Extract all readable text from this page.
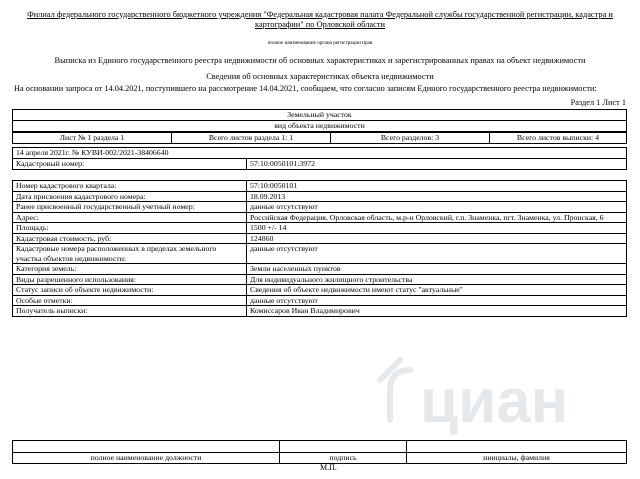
Филиал федерального государственного бюджетного учреждения "Федеральная кадастровая палата Федеральной службы государственной регистрации, кадастра и
картографии" по Орловской области
полное наименование органа регистрации прав
Выписка из Единого государственного реестра недвижимости об основных характеристиках и зарегистрированных правах на объект недвижимости
Сведения об основных характеристиках объекта недвижимости
На основании запроса от 14.04.2021, поступившего на рассмотрение 14.04.2021, сообщаем, что согласно записям Единого государственного реестра недвижимости:
Раздел 1 Лист 1
Земельный участок
вид объекта недвижимости
Лист № 1 раздела 1	Всего листов раздела 1: 1	Всего разделов: 3	Всего листов выписки: 4
14 апреля 2021г. № КУВИ-002/2021-38406640
Кадастровый номер:	57:10:0050101:3972
Номер кадастрового квартала:	57:10:0050101
Дата присвоения кадастрового номера:	18.09.2013
Ранее присвоенный государственный учетный номер:	данные отсутствуют
Адрес:	Российская Федерация, Орловская область, м.р-н Орловский, г.п. Знаменка, пгт. Знаменка, ул. Пронская, 6
Площадь:	1500 +/- 14
Кадастровая стоимость, руб:	124860
Кадастровые номера расположенных в пределах земельного участка объектов недвижимости:	данные отсутствуют
Категория земель:	Земли населенных пунктов
Виды разрешенного использования:	Для индивидуального жилищного строительства
Статус записи об объекте недвижимости:	Сведения об объекте недвижимости имеют статус "актуальные"
Особые отметки:	данные отсутствуют
Получатель выписки:	Комиссаров Иван Владимирович
циан

полное наименование должности	подпись	инициалы, фамилия
М.П.
